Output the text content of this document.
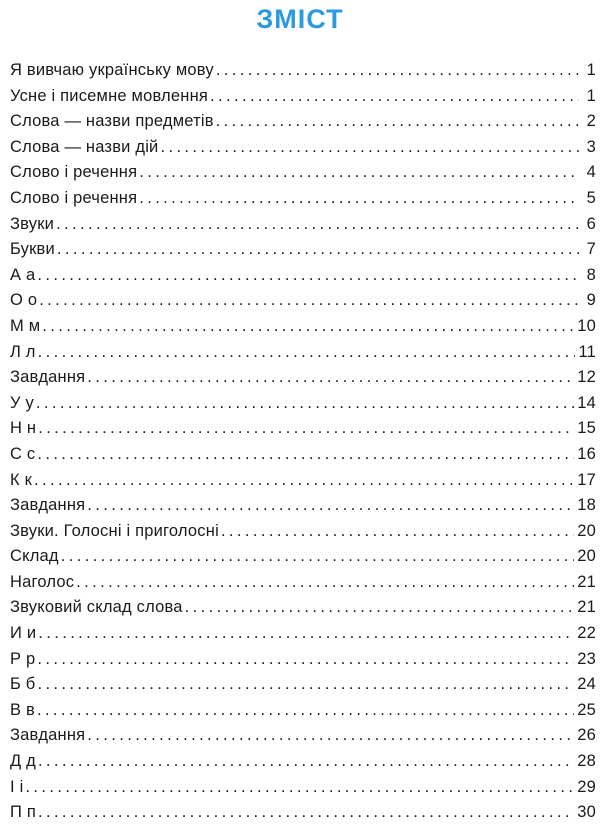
ЗМІСТ
Я вивчаю українську мову .....	1
Усне і писемне мовлення .....	1
Слова — назви предметів .....	2
Слова — назви дій .....	3
Слово і речення .....	4
Слово і речення .....	5
Звуки .....	6
Букви .....	7
А а .....	8
О о .....	9
М м .....	10
Л л .....	11
Завдання .....	12
У у .....	14
Н н .....	15
С с .....	16
К к .....	17
Завдання .....	18
Звуки. Голосні і приголосні .....	20
Склад .....	20
Наголос .....	21
Звуковий склад слова .....	21
И и .....	22
Р р .....	23
Б б .....	24
В в .....	25
Завдання .....	26
Д д .....	28
І і .....	29
П п .....	30
